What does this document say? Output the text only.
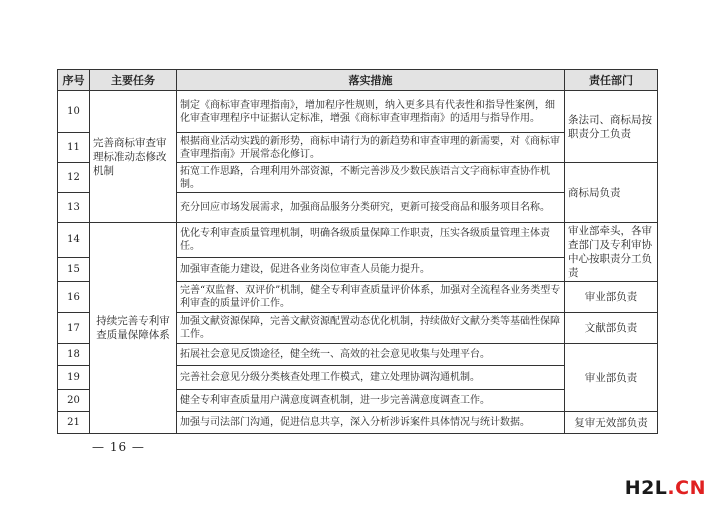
序号	主要任务	落实措施	责任部门
10	完善商标审查审理标准动态修改机制	制定《商标审查审理指南》，增加程序性规则，纳入更多具有代表性和指导性案例，细化审查审理程序中证据认定标准，增强《商标审查审理指南》的适用与指导作用。	条法司、商标局按职责分工负责
11		根据商业活动实践的新形势，商标申请行为的新趋势和审查审理的新需要，对《商标审查审理指南》开展常态化修订。	
12		拓宽工作思路，合理利用外部资源，不断完善涉及少数民族语言文字商标审查协作机制。	商标局负责
13		充分回应市场发展需求，加强商品服务分类研究，更新可接受商品和服务项目名称。	
14	持续完善专利审查质量保障体系	优化专利审查质量管理机制，明确各级质量保障工作职责，压实各级质量管理主体责任。	审业部牵头，各审查部门及专利审协中心按职责分工负责
15		加强审查能力建设，促进各业务岗位审查人员能力提升。	
16		完善“双监督、双评价”机制，健全专利审查质量评价体系，加强对全流程各业务类型专利审查的质量评价工作。	审业部负责
17		加强文献资源保障，完善文献资源配置动态优化机制，持续做好文献分类等基础性保障工作。	文献部负责
18		拓展社会意见反馈途径，健全统一、高效的社会意见收集与处理平台。	审业部负责
19		完善社会意见分级分类核查处理工作模式，建立处理协调沟通机制。	
20		健全专利审查质量用户满意度调查机制，进一步完善满意度调查工作。	
21		加强与司法部门沟通，促进信息共享，深入分析涉诉案件具体情况与统计数据。	复审无效部负责
— 16 —
H2L.CN
